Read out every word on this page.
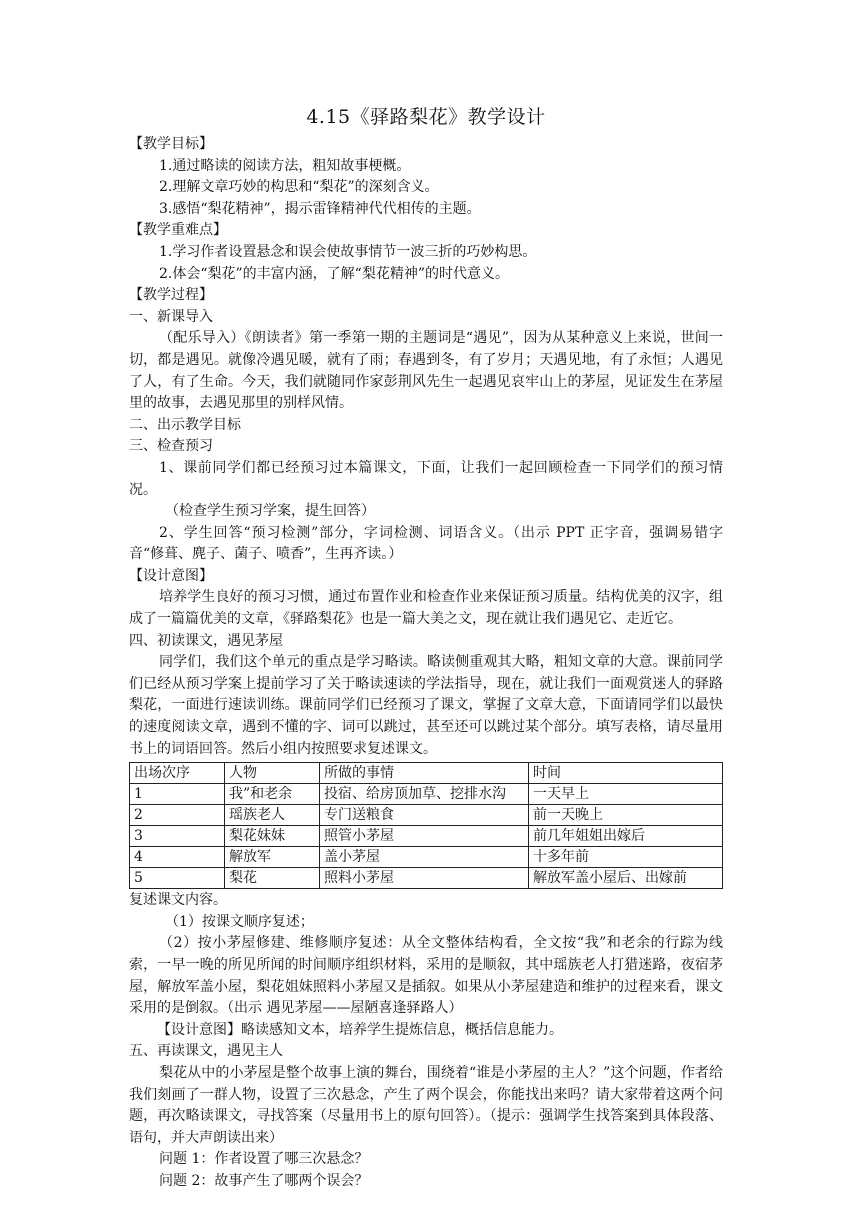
4.15《驿路梨花》教学设计
【教学目标】
1.通过略读的阅读方法，粗知故事梗概。
2.理解文章巧妙的构思和“梨花”的深刻含义。
3.感悟“梨花精神”，揭示雷锋精神代代相传的主题。
【教学重难点】
1.学习作者设置悬念和误会使故事情节一波三折的巧妙构思。
2.体会“梨花”的丰富内涵，了解“梨花精神”的时代意义。
【教学过程】
一、新课导入
（配乐导入）《朗读者》第一季第一期的主题词是“遇见”，因为从某种意义上来说，世间一切，都是遇见。就像冷遇见暖，就有了雨；春遇到冬，有了岁月；天遇见地，有了永恒；人遇见了人，有了生命。今天，我们就随同作家彭荆风先生一起遇见哀牢山上的茅屋，见证发生在茅屋里的故事，去遇见那里的别样风情。
二、出示教学目标
三、检查预习
1、课前同学们都已经预习过本篇课文，下面，让我们一起回顾检查一下同学们的预习情况。
（检查学生预习学案，提生回答）
2、学生回答“预习检测”部分，字词检测、词语含义。（出示 PPT 正字音，强调易错字音“修葺、麂子、菌子、喷香”，生再齐读。）
【设计意图】
培养学生良好的预习习惯，通过布置作业和检查作业来保证预习质量。结构优美的汉字，组成了一篇篇优美的文章，《驿路梨花》也是一篇大美之文，现在就让我们遇见它、走近它。
四、初读课文，遇见茅屋
同学们，我们这个单元的重点是学习略读。略读侧重观其大略，粗知文章的大意。课前同学们已经从预习学案上提前学习了关于略读速读的学法指导，现在，就让我们一面观赏迷人的驿路梨花，一面进行速读训练。课前同学们已经预习了课文，掌握了文章大意，下面请同学们以最快的速度阅读文章，遇到不懂的字、词可以跳过，甚至还可以跳过某个部分。填写表格，请尽量用书上的词语回答。然后小组内按照要求复述课文。
出场次序	人物	所做的事情	时间
1	我”和老余	投宿、给房顶加草、挖排水沟	一天早上
2	瑶族老人	专门送粮食	前一天晚上
3	梨花妹妹	照管小茅屋	前几年姐姐出嫁后
4	解放军	盖小茅屋	十多年前
5	梨花	照料小茅屋	解放军盖小屋后、出嫁前
复述课文内容。
（1）按课文顺序复述；
（2）按小茅屋修建、维修顺序复述：从全文整体结构看，全文按“我”和老余的行踪为线索，一早一晚的所见所闻的时间顺序组织材料，采用的是顺叙，其中瑶族老人打猎迷路，夜宿茅屋，解放军盖小屋，梨花姐妹照料小茅屋又是插叙。如果从小茅屋建造和维护的过程来看，课文采用的是倒叙。（出示 遇见茅屋——屋陋喜逢驿路人）
【设计意图】略读感知文本，培养学生提炼信息，概括信息能力。
五、再读课文，遇见主人
梨花从中的小茅屋是整个故事上演的舞台，围绕着“谁是小茅屋的主人？”这个问题，作者给我们刻画了一群人物，设置了三次悬念，产生了两个误会，你能找出来吗？请大家带着这两个问题，再次略读课文，寻找答案（尽量用书上的原句回答）。（提示：强调学生找答案到具体段落、语句，并大声朗读出来）
问题 1：作者设置了哪三次悬念？
问题 2：故事产生了哪两个误会？
